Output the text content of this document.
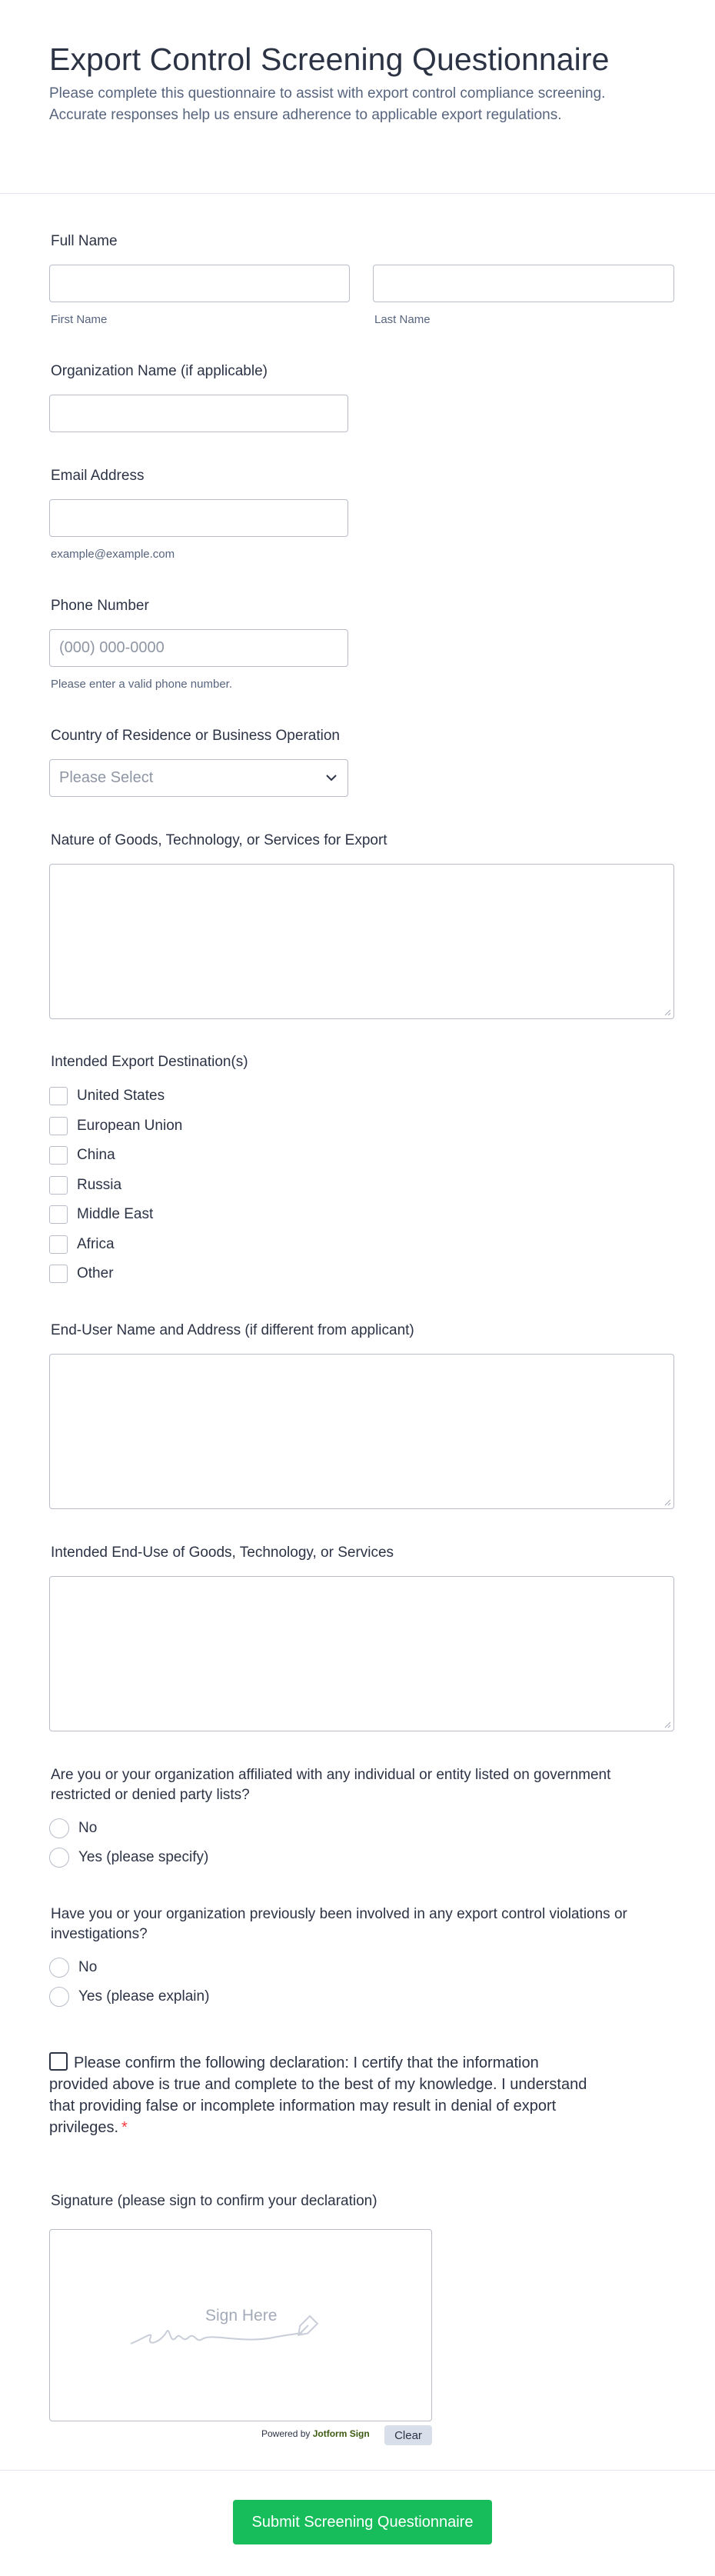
Export Control Screening Questionnaire

Please complete this questionnaire to assist with export control compliance screening. Accurate responses help us ensure adherence to applicable export regulations.

Full Name
First Name	Last Name
Organization Name (if applicable)
Email Address
example@example.com
Phone Number
(000) 000-0000
Please enter a valid phone number.
Country of Residence or Business Operation
Please Select
Nature of Goods, Technology, or Services for Export
Intended Export Destination(s)
United States
European Union
China
Russia
Middle East
Africa
Other
End-User Name and Address (if different from applicant)
Intended End-Use of Goods, Technology, or Services
Are you or your organization affiliated with any individual or entity listed on government restricted or denied party lists?
No
Yes (please specify)
Have you or your organization previously been involved in any export control violations or investigations?
No
Yes (please explain)
Please confirm the following declaration: I certify that the information provided above is true and complete to the best of my knowledge. I understand that providing false or incomplete information may result in denial of export privileges. *
Signature (please sign to confirm your declaration)
Sign Here
Powered by Jotform Sign	Clear
Submit Screening Questionnaire
